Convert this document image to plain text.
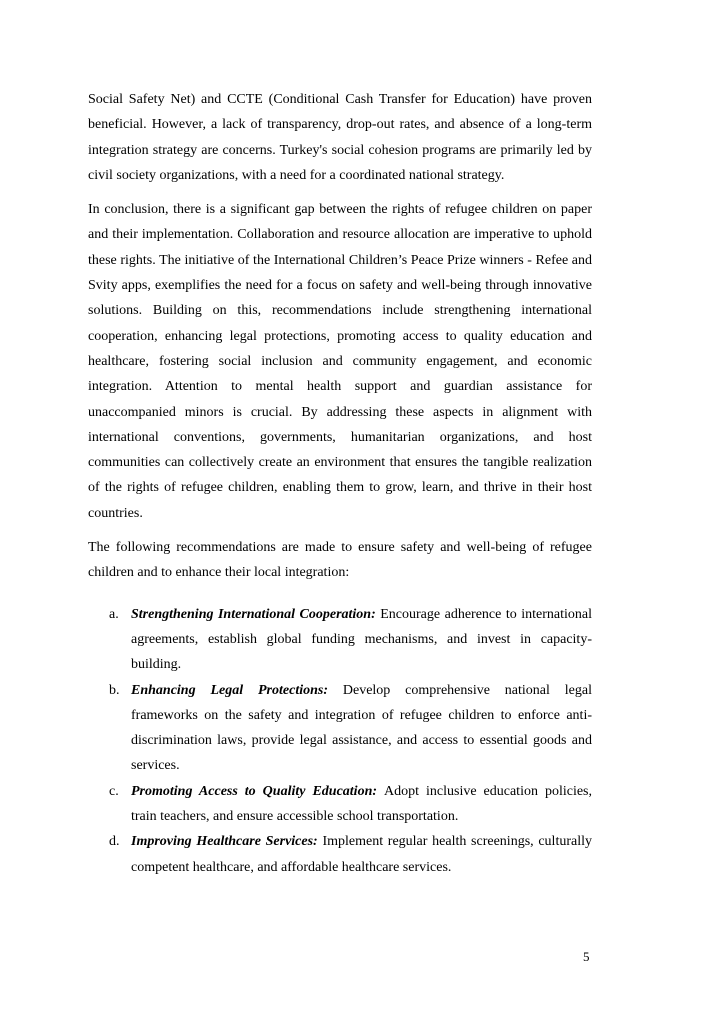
Social Safety Net) and CCTE (Conditional Cash Transfer for Education) have proven beneficial. However, a lack of transparency, drop-out rates, and absence of a long-term integration strategy are concerns. Turkey's social cohesion programs are primarily led by civil society organizations, with a need for a coordinated national strategy.

In conclusion, there is a significant gap between the rights of refugee children on paper and their implementation. Collaboration and resource allocation are imperative to uphold these rights. The initiative of the International Children’s Peace Prize winners - Refee and Svity apps, exemplifies the need for a focus on safety and well-being through innovative solutions. Building on this, recommendations include strengthening international cooperation, enhancing legal protections, promoting access to quality education and healthcare, fostering social inclusion and community engagement, and economic integration. Attention to mental health support and guardian assistance for unaccompanied minors is crucial. By addressing these aspects in alignment with international conventions, governments, humanitarian organizations, and host communities can collectively create an environment that ensures the tangible realization of the rights of refugee children, enabling them to grow, learn, and thrive in their host countries.

The following recommendations are made to ensure safety and well-being of refugee children and to enhance their local integration:

a. Strengthening International Cooperation: Encourage adherence to international agreements, establish global funding mechanisms, and invest in capacity-building.
b. Enhancing Legal Protections: Develop comprehensive national legal frameworks on the safety and integration of refugee children to enforce anti-discrimination laws, provide legal assistance, and access to essential goods and services.
c. Promoting Access to Quality Education: Adopt inclusive education policies, train teachers, and ensure accessible school transportation.
d. Improving Healthcare Services: Implement regular health screenings, culturally competent healthcare, and affordable healthcare services.
5
